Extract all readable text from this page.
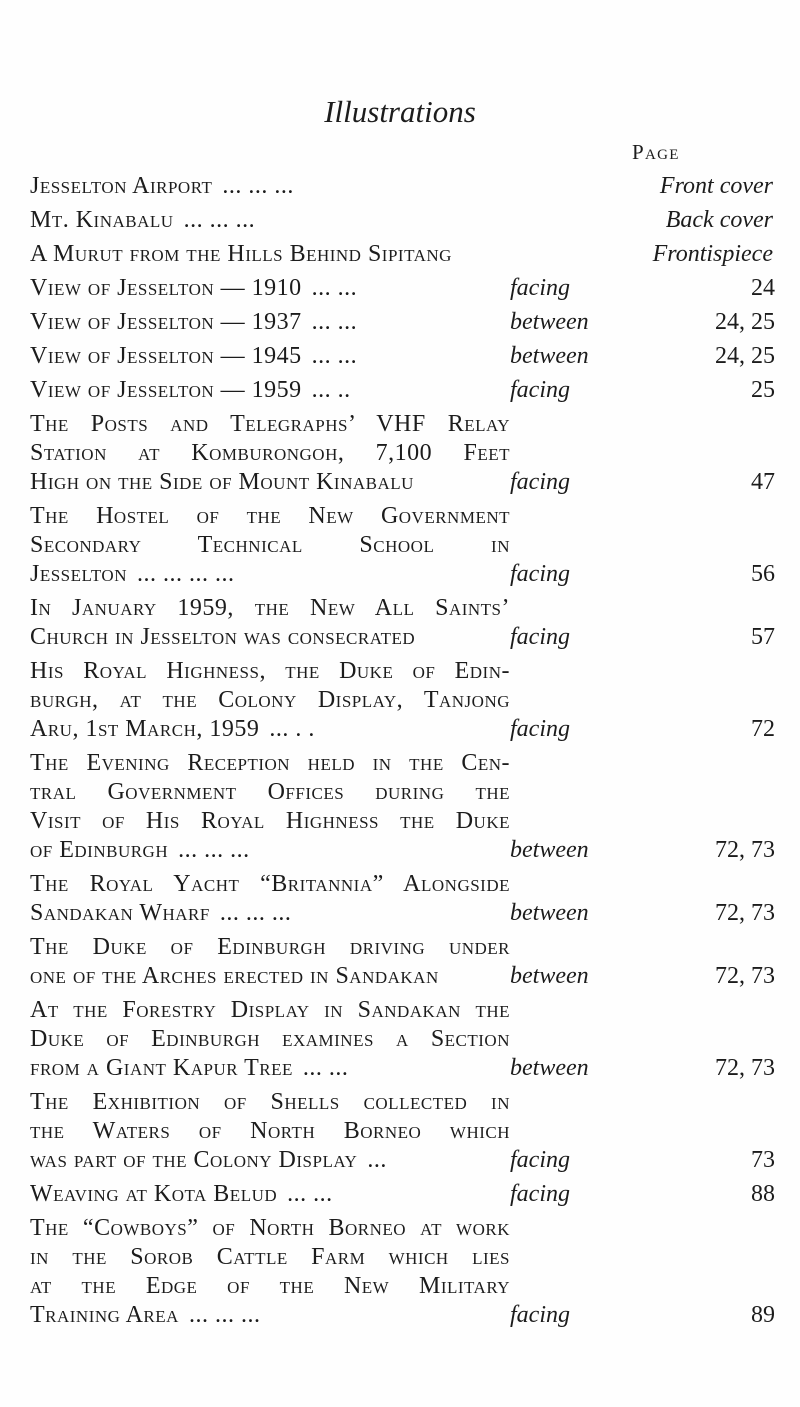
Illustrations
Page
Jesselton Airport ... ... ...	Front cover
Mt. Kinabalu ... ... ...	Back cover
A Murut from the Hills Behind Sipitang	Frontispiece
View of Jesselton — 1910 ... ...	facing	24
View of Jesselton — 1937 ... ...	between	24, 25
View of Jesselton — 1945 ... ...	between	24, 25
View of Jesselton — 1959 ... ..	facing	25
The Posts and Telegraphs’ VHF Relay
Station at Komburongoh, 7,100 Feet
High on the Side of Mount Kinabalu	facing	47
The Hostel of the New Government
Secondary Technical School in
Jesselton ... ... ... ...	facing	56
In January 1959, the New All Saints’
Church in Jesselton was consecrated	facing	57
His Royal Highness, the Duke of Edin-
burgh, at the Colony Display, Tanjong
Aru, 1st March, 1959 ... . .	facing	72
The Evening Reception held in the Cen-
tral Government Offices during the
Visit of His Royal Highness the Duke
of Edinburgh ... ... ...	between	72, 73
The Royal Yacht “Britannia” Alongside
Sandakan Wharf ... ... ...	between	72, 73
The Duke of Edinburgh driving under
one of the Arches erected in Sandakan	between	72, 73
At the Forestry Display in Sandakan the
Duke of Edinburgh examines a Section
from a Giant Kapur Tree ... ...	between	72, 73
The Exhibition of Shells collected in
the Waters of North Borneo which
was part of the Colony Display ...	facing	73
Weaving at Kota Belud ... ...	facing	88
The “Cowboys” of North Borneo at work
in the Sorob Cattle Farm which lies
at the Edge of the New Military
Training Area ... ... ...	facing	89
